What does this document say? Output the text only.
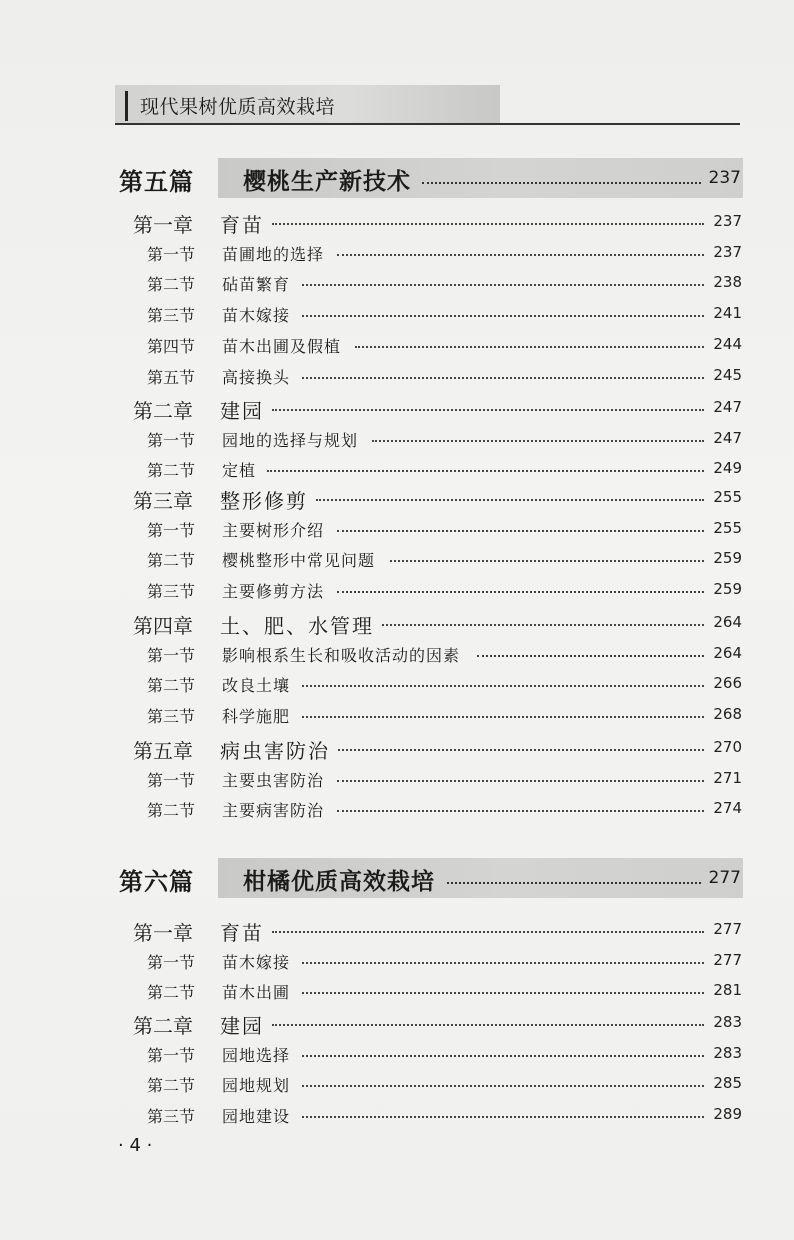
现代果树优质高效栽培
第五篇 樱桃生产新技术	237
第一章 育苗	237
第一节 苗圃地的选择	237
第二节 砧苗繁育	238
第三节 苗木嫁接	241
第四节 苗木出圃及假植	244
第五节 高接换头	245
第二章 建园	247
第一节 园地的选择与规划	247
第二节 定植	249
第三章 整形修剪	255
第一节 主要树形介绍	255
第二节 樱桃整形中常见问题	259
第三节 主要修剪方法	259
第四章 土、肥、水管理	264
第一节 影响根系生长和吸收活动的因素	264
第二节 改良土壤	266
第三节 科学施肥	268
第五章 病虫害防治	270
第一节 主要虫害防治	271
第二节 主要病害防治	274
第六篇 柑橘优质高效栽培	277
第一章 育苗	277
第一节 苗木嫁接	277
第二节 苗木出圃	281
第二章 建园	283
第一节 园地选择	283
第二节 园地规划	285
第三节 园地建设	289
· 4 ·
